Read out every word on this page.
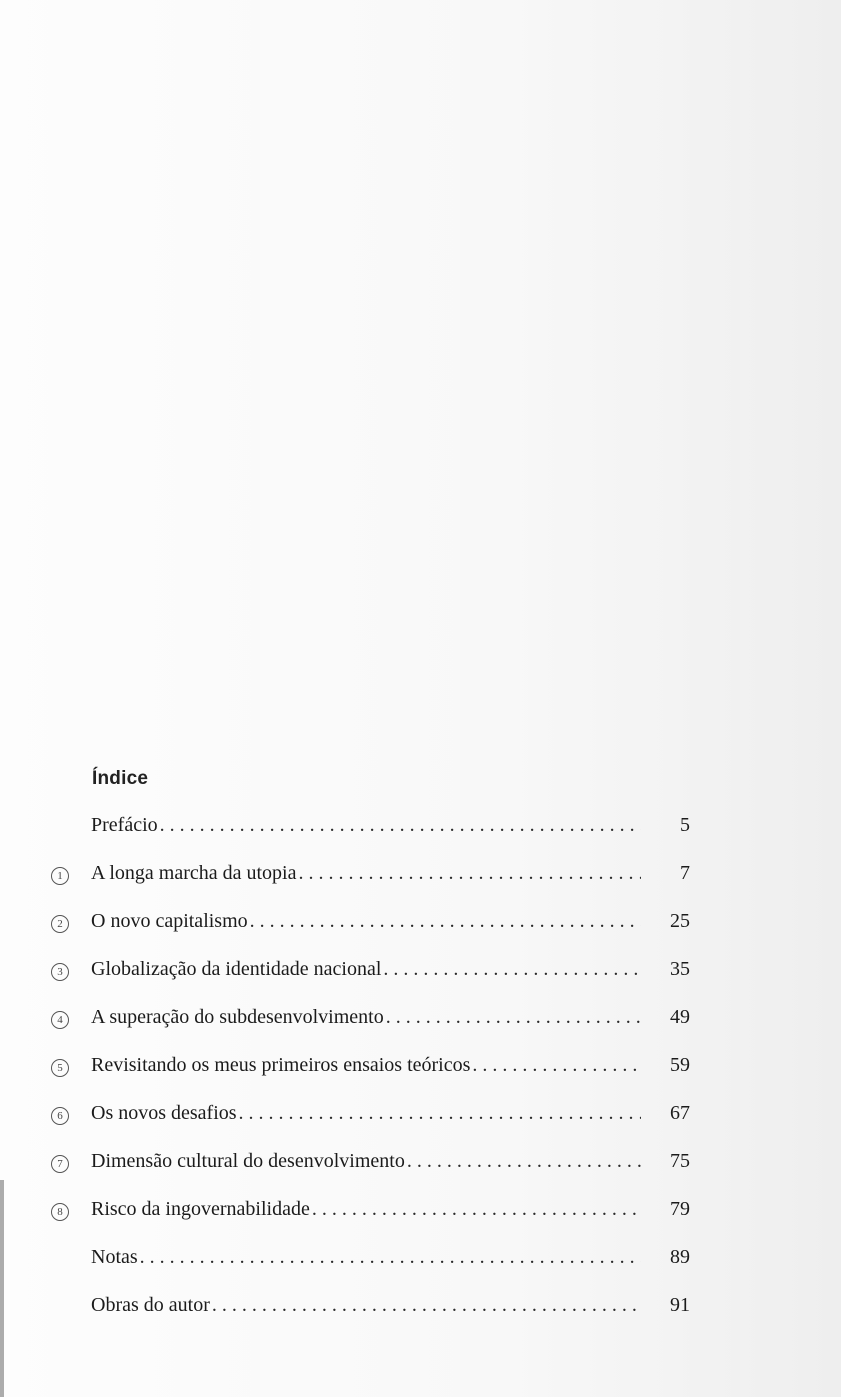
Índice
Prefácio . . .	5
1	A longa marcha da utopia . . .	7
2	O novo capitalismo . . .	25
3	Globalização da identidade nacional . . .	35
4	A superação do subdesenvolvimento . . .	49
5	Revisitando os meus primeiros ensaios teóricos . . .	59
6	Os novos desafios . . .	67
7	Dimensão cultural do desenvolvimento . . .	75
8	Risco da ingovernabilidade . . .	79
Notas . . .	89
Obras do autor . . .	91
